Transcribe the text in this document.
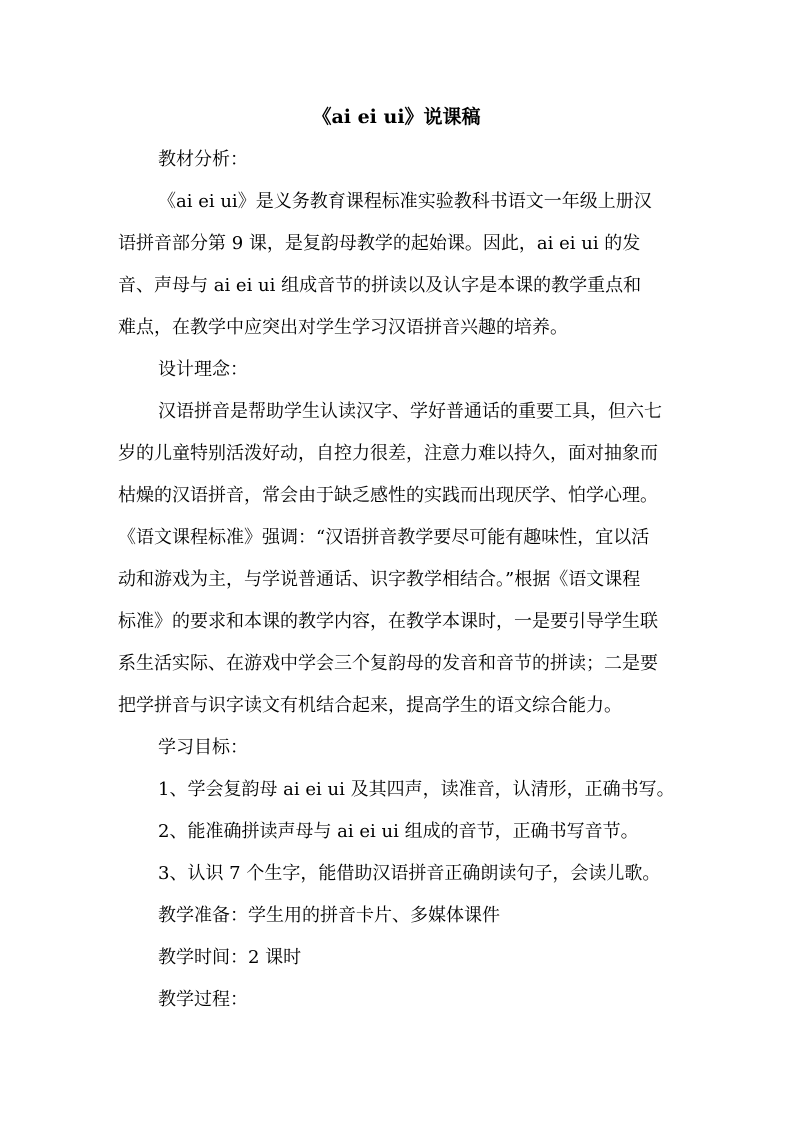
《ai ei ui》说课稿
教材分析：
《ai ei ui》是义务教育课程标准实验教科书语文一年级上册汉
语拼音部分第 9 课，是复韵母教学的起始课。因此，ai ei ui 的发
音、声母与 ai ei ui 组成音节的拼读以及认字是本课的教学重点和
难点，在教学中应突出对学生学习汉语拼音兴趣的培养。
设计理念：
汉语拼音是帮助学生认读汉字、学好普通话的重要工具，但六七
岁的儿童特别活泼好动，自控力很差，注意力难以持久，面对抽象而
枯燥的汉语拼音，常会由于缺乏感性的实践而出现厌学、怕学心理。
《语文课程标准》强调：“汉语拼音教学要尽可能有趣味性，宜以活
动和游戏为主，与学说普通话、识字教学相结合。”根据《语文课程
标准》的要求和本课的教学内容，在教学本课时，一是要引导学生联
系生活实际、在游戏中学会三个复韵母的发音和音节的拼读；二是要
把学拼音与识字读文有机结合起来，提高学生的语文综合能力。
学习目标：
1、学会复韵母 ai ei ui 及其四声，读准音，认清形，正确书写。
2、能准确拼读声母与 ai ei ui 组成的音节，正确书写音节。
3、认识 7 个生字，能借助汉语拼音正确朗读句子，会读儿歌。
教学准备：学生用的拼音卡片、多媒体课件
教学时间：2 课时
教学过程：
